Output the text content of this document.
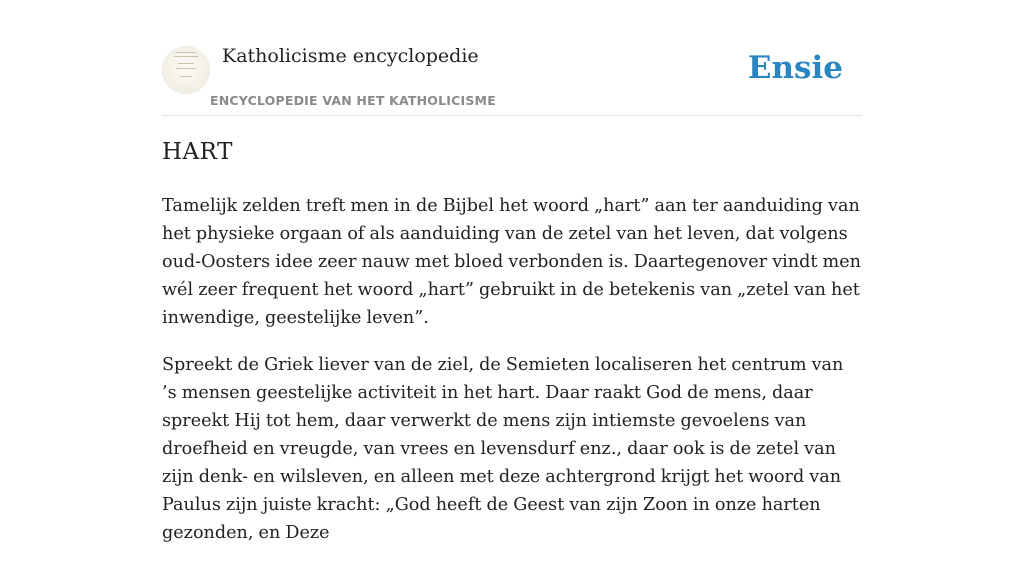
Katholicisme encyclopedie
ENCYCLOPEDIE VAN HET KATHOLICISME
Ensie
HART

Tamelijk zelden treft men in de Bijbel het woord „hart” aan ter aanduiding van het physieke orgaan of als aanduiding van de zetel van het leven, dat volgens oud-Oosters idee zeer nauw met bloed verbonden is. Daartegenover vindt men wél zeer frequent het woord „hart” gebruikt in de betekenis van „zetel van het inwendige, geestelijke leven”.

Spreekt de Griek liever van de ziel, de Semieten localiseren het centrum van ’s mensen geestelijke activiteit in het hart. Daar raakt God de mens, daar spreekt Hij tot hem, daar verwerkt de mens zijn intiemste gevoelens van droefheid en vreugde, van vrees en levensdurf enz., daar ook is de zetel van zijn denk- en wilsleven, en alleen met deze achtergrond krijgt het woord van Paulus zijn juiste kracht: „God heeft de Geest van zijn Zoon in onze harten gezonden, en Deze
